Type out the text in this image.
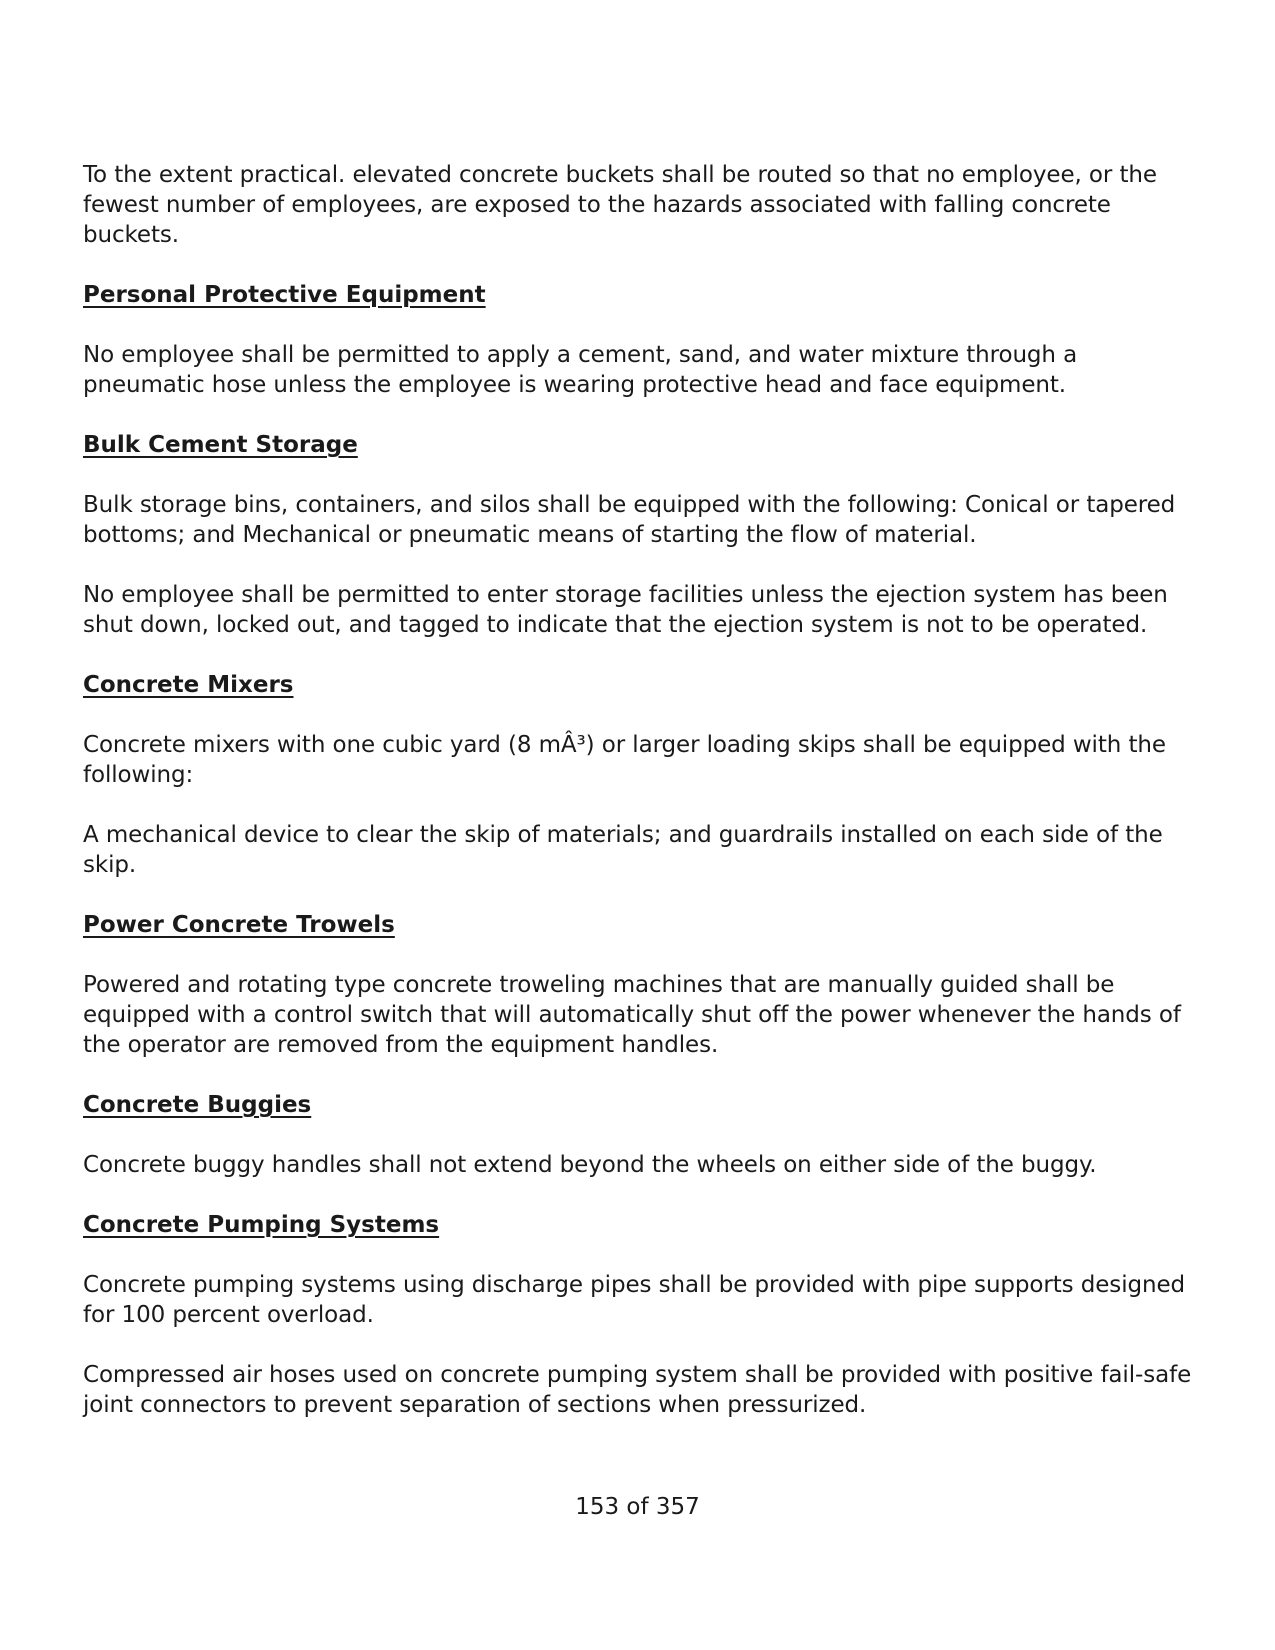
To the extent practical. elevated concrete buckets shall be routed so that no employee, or the fewest number of employees, are exposed to the hazards associated with falling concrete buckets.

Personal Protective Equipment

No employee shall be permitted to apply a cement, sand, and water mixture through a pneumatic hose unless the employee is wearing protective head and face equipment.

Bulk Cement Storage

Bulk storage bins, containers, and silos shall be equipped with the following: Conical or tapered bottoms; and Mechanical or pneumatic means of starting the flow of material.

No employee shall be permitted to enter storage facilities unless the ejection system has been shut down, locked out, and tagged to indicate that the ejection system is not to be operated.

Concrete Mixers

Concrete mixers with one cubic yard (8 mÂ³) or larger loading skips shall be equipped with the following:

A mechanical device to clear the skip of materials; and guardrails installed on each side of the skip.

Power Concrete Trowels

Powered and rotating type concrete troweling machines that are manually guided shall be equipped with a control switch that will automatically shut off the power whenever the hands of the operator are removed from the equipment handles.

Concrete Buggies

Concrete buggy handles shall not extend beyond the wheels on either side of the buggy.

Concrete Pumping Systems

Concrete pumping systems using discharge pipes shall be provided with pipe supports designed for 100 percent overload.

Compressed air hoses used on concrete pumping system shall be provided with positive fail-safe joint connectors to prevent separation of sections when pressurized.

153 of 357
